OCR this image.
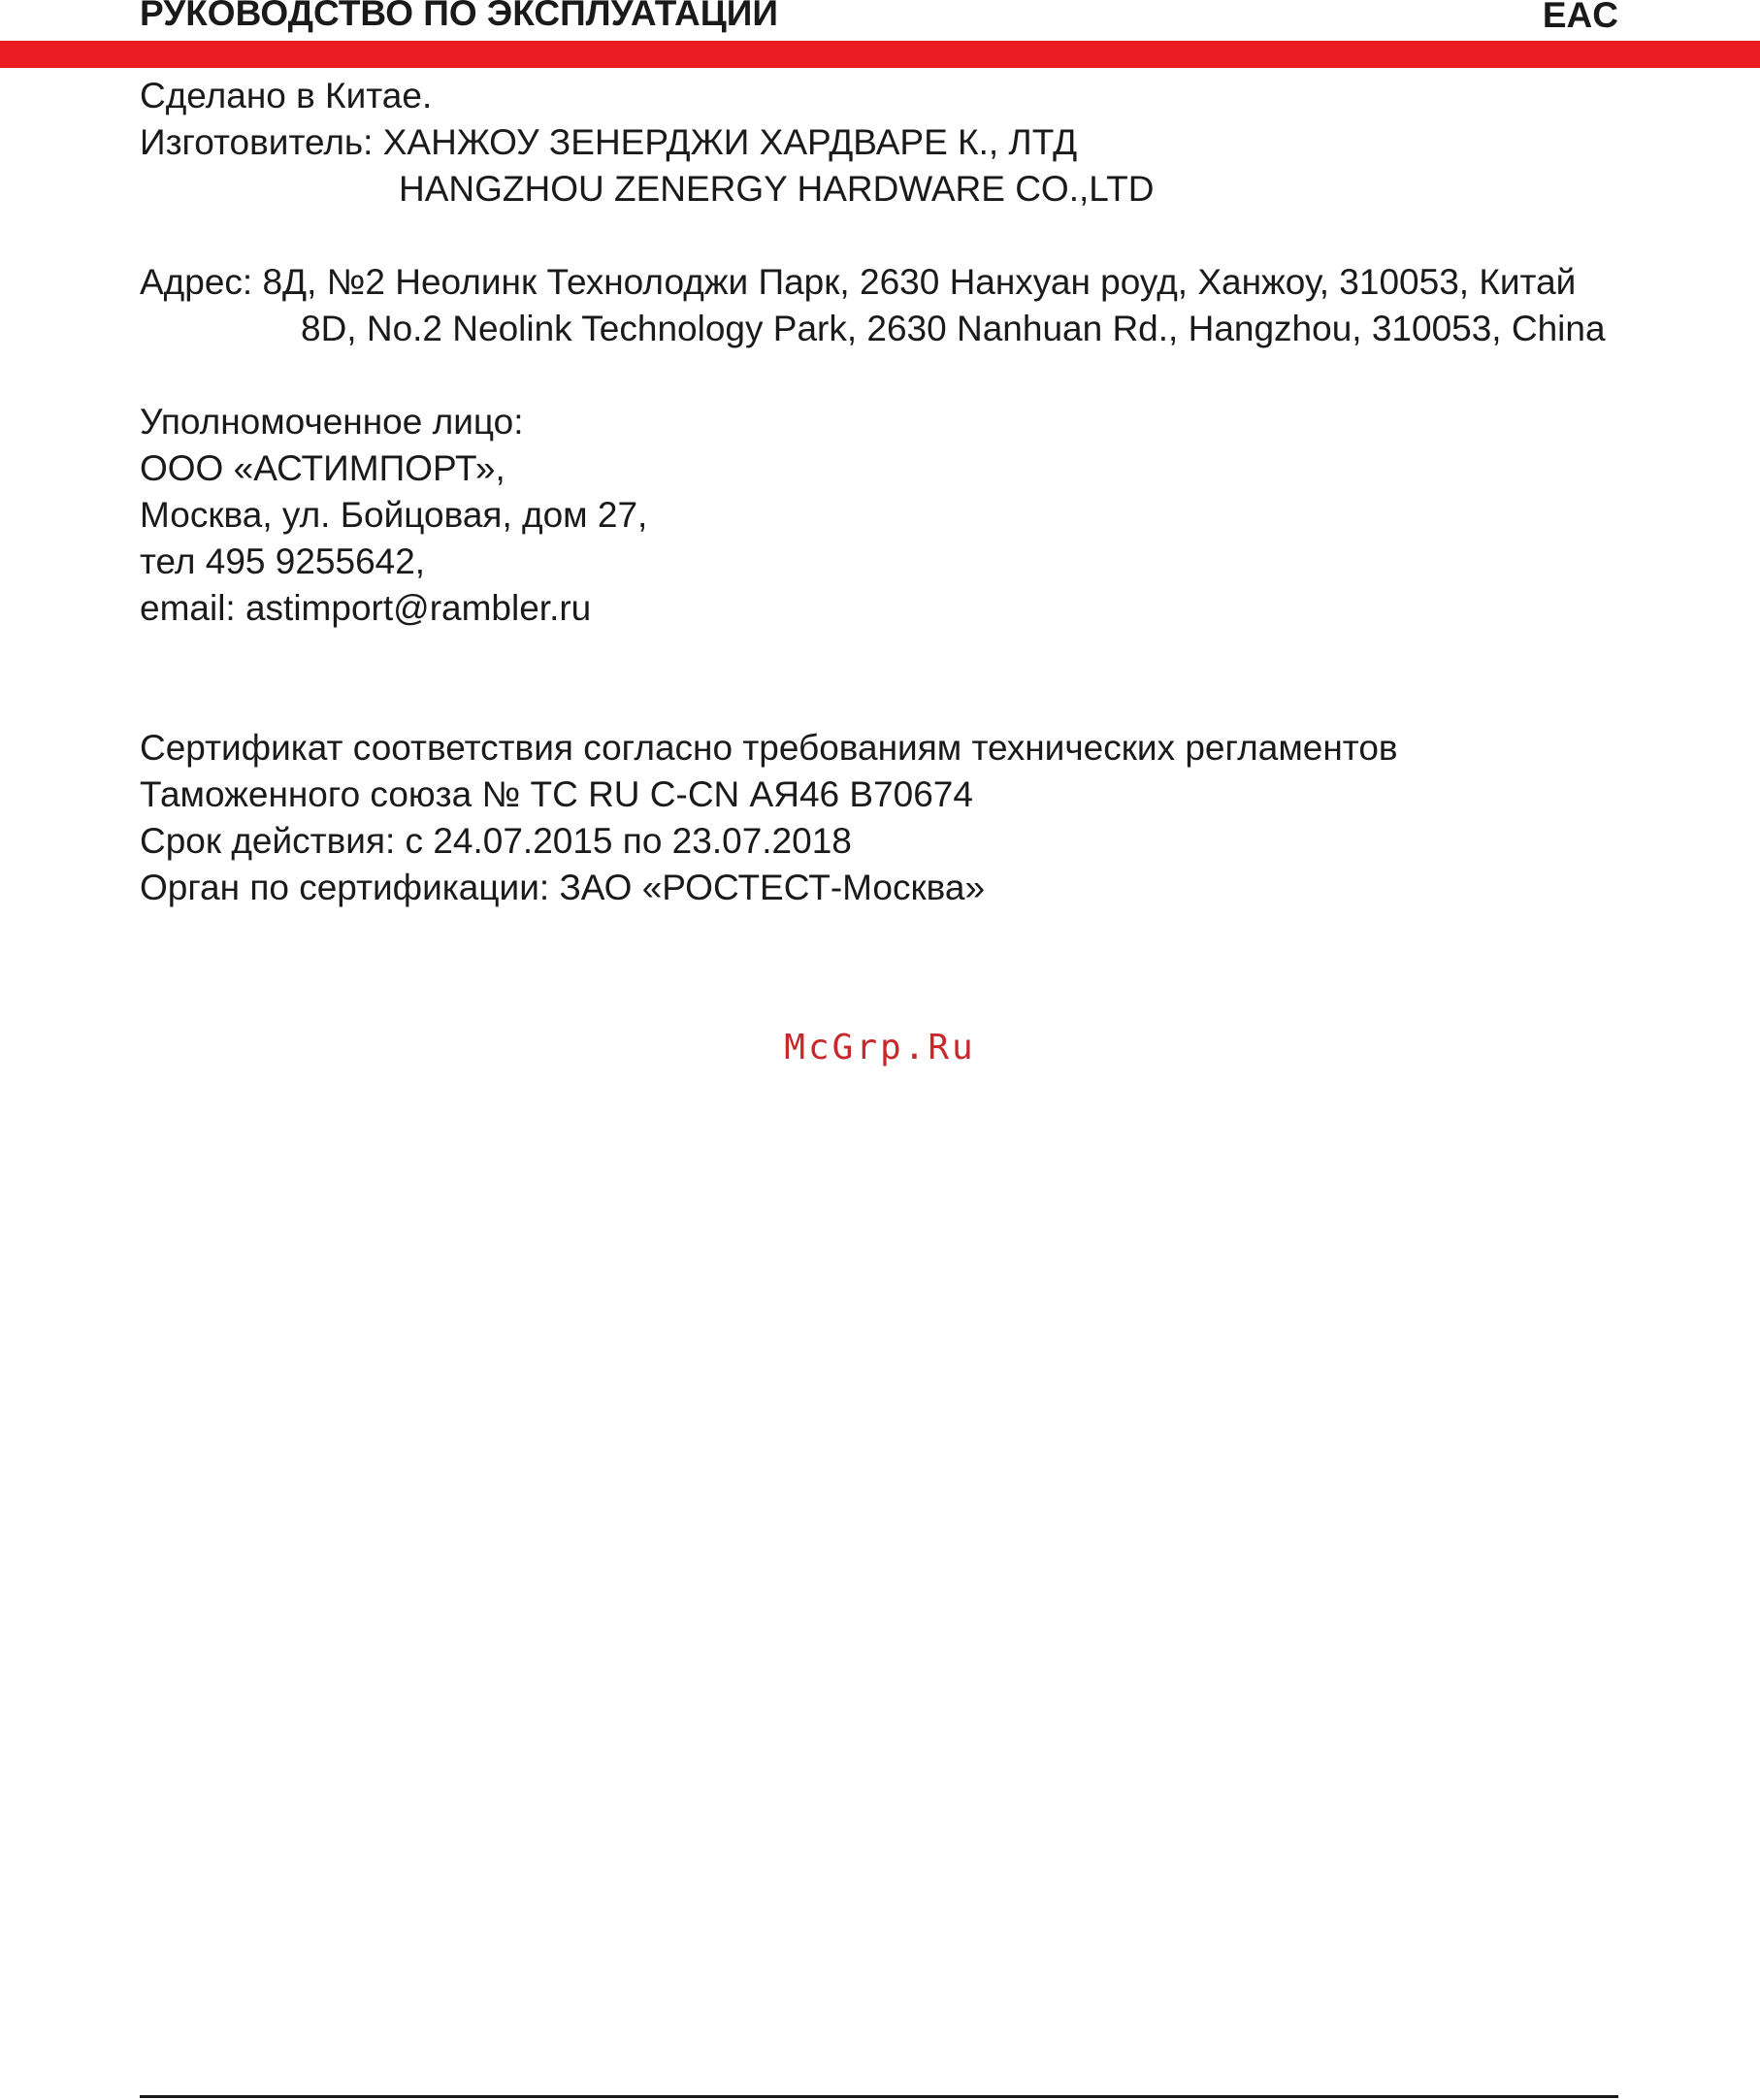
РУКОВОДСТВО ПО ЭКСПЛУАТАЦИИ	EAC
Сделано в Китае.
Изготовитель: ХАНЖОУ ЗЕНЕРДЖИ ХАРДВАРЕ К., ЛТД
HANGZHOU ZENERGY HARDWARE CO.,LTD
Адрес: 8Д, №2 Неолинк Технолоджи Парк, 2630 Нанхуан роуд, Ханжоу, 310053, Китай
8D, No.2 Neolink Technology Park, 2630 Nanhuan Rd., Hangzhou, 310053, China
Уполномоченное лицо:
ООО «АСТИМПОРТ»,
Москва, ул. Бойцовая, дом 27,
тел 495 9255642,
email: astimport@rambler.ru
Сертификат соответствия согласно требованиям технических регламентов
Таможенного союза № ТС RU C-CN АЯ46 B70674
Срок действия: с 24.07.2015 по 23.07.2018
Орган по сертификации: ЗАО «РОСТЕСТ-Москва»
McGrp.Ru
